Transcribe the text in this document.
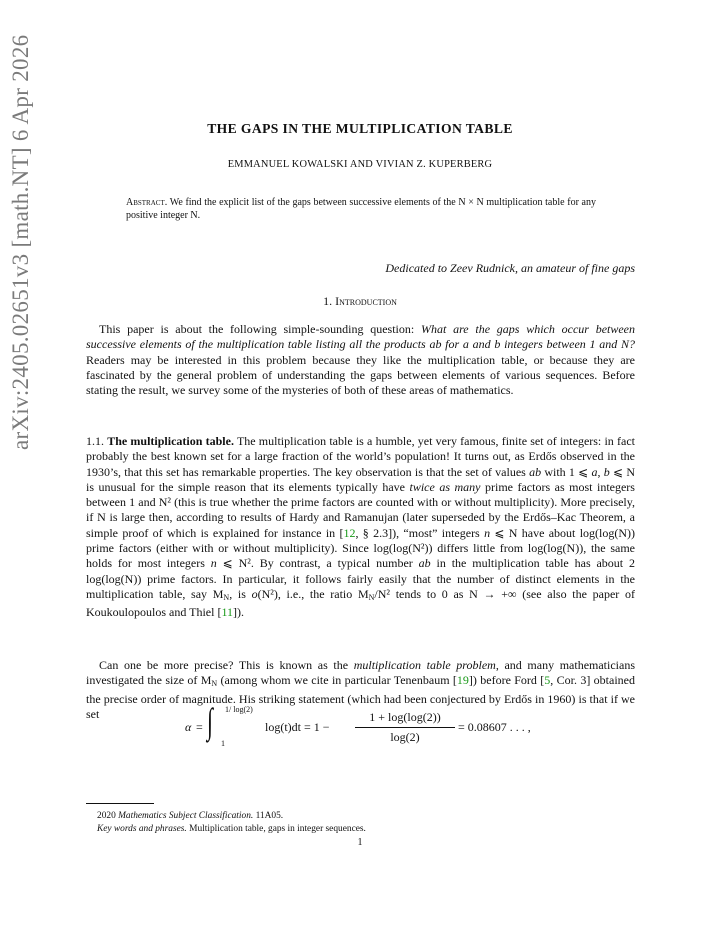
arXiv:2405.02651v3 [math.NT] 6 Apr 2026	THE GAPS IN THE MULTIPLICATION TABLE
EMMANUEL KOWALSKI AND VIVIAN Z. KUPERBERG
Abstract. We find the explicit list of the gaps between successive elements of the N × N multiplication table for any positive integer N.
Dedicated to Zeev Rudnick, an amateur of fine gaps
1. Introduction
This paper is about the following simple-sounding question: What are the gaps which occur between successive elements of the multiplication table listing all the products ab for a and b integers between 1 and N? Readers may be interested in this problem because they like the multiplication table, or because they are fascinated by the general problem of understanding the gaps between elements of various sequences. Before stating the result, we survey some of the mysteries of both of these areas of mathematics.
1.1. The multiplication table. The multiplication table is a humble, yet very famous, finite set of integers: in fact probably the best known set for a large fraction of the world’s population! It turns out, as Erdős observed in the 1930’s, that this set has remarkable properties. The key observation is that the set of values ab with 1 ⩽ a, b ⩽ N is unusual for the simple reason that its elements typically have twice as many prime factors as most integers between 1 and N² (this is true whether the prime factors are counted with or without multiplicity). More precisely, if N is large then, according to results of Hardy and Ramanujan (later superseded by the Erdős–Kac Theorem, a simple proof of which is explained for instance in [12, § 2.3]), “most” integers n ⩽ N have about log(log(N)) prime factors (either with or without multiplicity). Since log(log(N²)) differs little from log(log(N)), the same holds for most integers n ⩽ N². By contrast, a typical number ab in the multiplication table has about 2 log(log(N)) prime factors. In particular, it follows fairly easily that the number of distinct elements in the multiplication table, say $M_N$, is o(N²), i.e., the ratio $M_N/N^2$ tends to 0 as N → +∞ (see also the paper of Koukoulopoulos and Thiel [11]).
Can one be more precise? This is known as the multiplication table problem, and many mathematicians investigated the size of $M_N$ (among whom we cite in particular Tenenbaum [19]) before Ford [5, Cor. 3] obtained the precise order of magnitude. His striking statement (which had been conjectured by Erdős in 1960) is that if we set
α = ∫ 1/ log(2)
1
log(t)dt = 1 −
1 + log(log(2))
log(2)
= 0.08607 . . . ,
2020 Mathematics Subject Classification. 11A05.
Key words and phrases. Multiplication table, gaps in integer sequences.
1
